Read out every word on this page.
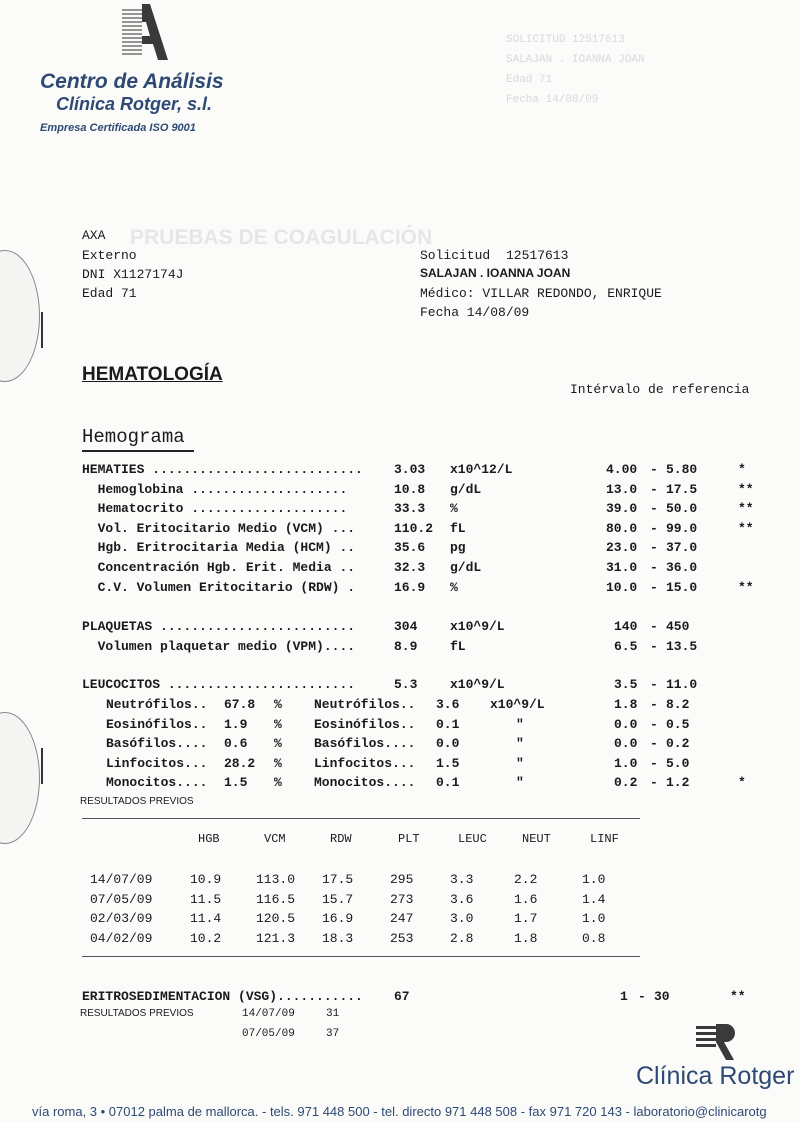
Centro de Análisis
Clínica Rotger, s.l.
Empresa Certificada ISO 9001
SOLICITUD 12517613
SALAJAN . IOANNA JOAN
Edad 71
Fecha 14/08/09
PRUEBAS DE COAGULACIÓN
AXA
Externo
DNI X1127174J
Edad 71
Solicitud 12517613
SALAJAN . IOANNA JOAN
Médico: VILLAR REDONDO, ENRIQUE
Fecha 14/08/09
HEMATOLOGÍA
Intérvalo de referencia
Hemograma
HEMATIES ........................... 3.03 x10^12/L	4.00 - 5.80	*
Hemoglobina ....................	10.8 g/dL	13.0 - 17.5	**
Hematocrito ....................	33.3 %	39.0 - 50.0	**
Vol. Eritocitario Medio (VCM) ...	110.2 fL	80.0 - 99.0	**
Hgb. Eritrocitaria Media (HCM) ..	35.6 pg	23.0 - 37.0
Concentración Hgb. Erit. Media ..	32.3 g/dL	31.0 - 36.0
C.V. Volumen Eritocitario (RDW) .	16.9 %	10.0 - 15.0	**
PLAQUETAS .........................	304	x10^9/L	140 - 450
Volumen plaquetar medio (VPM)....	8.9	fL	6.5 - 13.5
LEUCOCITOS ........................	5.3	x10^9/L	3.5 - 11.0
Neutrófilos.. 67.8 % Neutrófilos.. 3.6 x10^9/L	1.8 - 8.2
Eosinófilos.. 1.9 % Eosinófilos.. 0.1	"	0.0 - 0.5
Basófilos.... 0.6 % Basófilos.... 0.0	"	0.0 - 0.2
Linfocitos... 28.2 % Linfocitos... 1.5	"	1.0 - 5.0
Monocitos.... 1.5 % Monocitos.... 0.1	"	0.2 - 1.2	*
RESULTADOS PREVIOS
HGB	VCM	RDW	PLT	LEUC	NEUT	LINF
14/07/09	10.9	113.0 17.5	295	3.3	2.2	1.0
07/05/09	11.5	116.5 15.7	273	3.6	1.6	1.4
02/03/09	11.4	120.5 16.9	247	3.0	1.7	1.0
04/02/09	10.2	121.3 18.3	253	2.8	1.8	0.8
ERITROSEDIMENTACION (VSG)........... 67	1 - 30	**
RESULTADOS PREVIOS	14/07/09	31
07/05/09	37
Clínica Rotger
vía roma, 3 • 07012 palma de mallorca. - tels. 971 448 500 - tel. directo 971 448 508 - fax 971 720 143 - laboratorio@clinicarotg
